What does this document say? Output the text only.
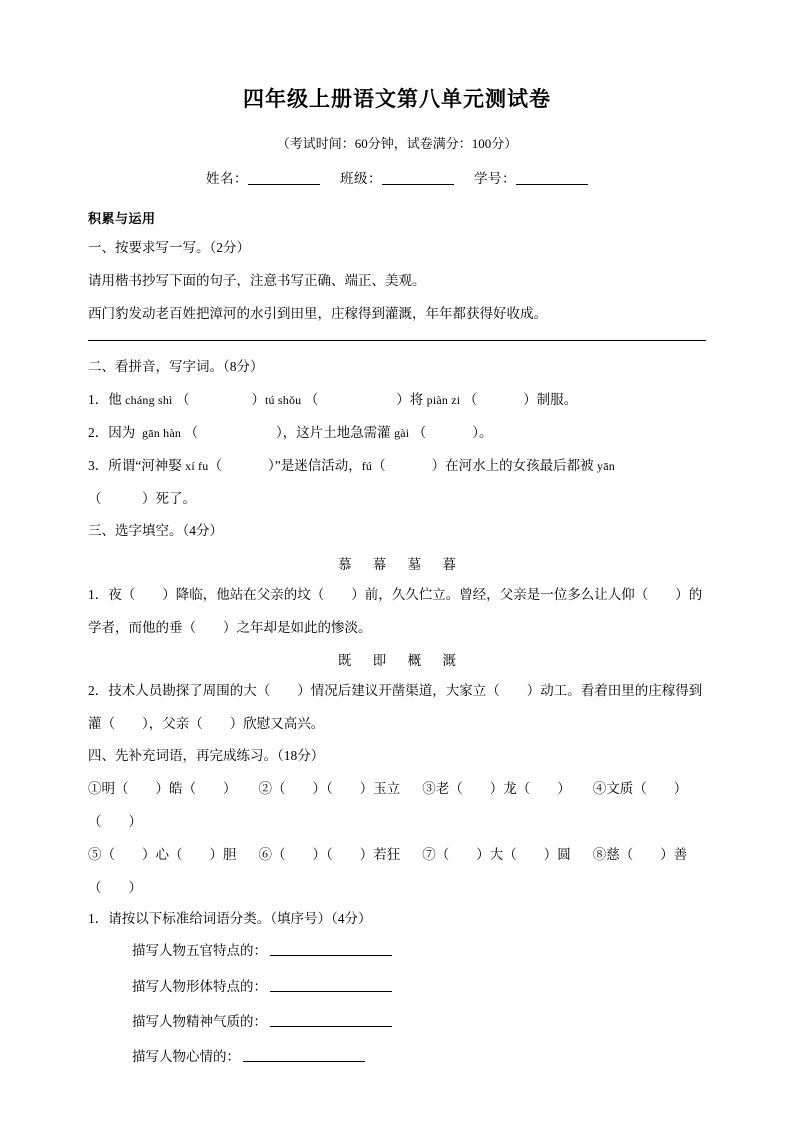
四年级上册语文第八单元测试卷
（考试时间：60分钟，试卷满分：100分）
姓名：	班级：	学号：
积累与运用
一、按要求写一写。（2分）
请用楷书抄写下面的句子，注意书写正确、端正、美观。
西门豹发动老百姓把漳河的水引到田里，庄稼得到灌溉，年年都获得好收成。
二、看拼音，写字词。（8分）
1．他 cháng shì （	）tú shǒu （	）将 piàn zi （	）制服。
2．因为 gān hàn （	），这片土地急需灌 gài （	）。
3．所谓“河神娶 xí fu（	）”是迷信活动，fú（	）在河水上的女孩最后都被 yān
（　　　）死了。
三、选字填空。（4分）
慕 幕 墓 暮
1．夜（　　）降临，他站在父亲的坟（　　）前，久久伫立。曾经，父亲是一位多么让人仰（　　）的
学者，而他的垂（　　）之年却是如此的惨淡。
既 即 概 溉
2．技术人员勘探了周围的大（　　）情况后建议开凿渠道，大家立（　　）动工。看着田里的庄稼得到
灌（　　），父亲（　　）欣慰又高兴。
四、先补充词语，再完成练习。（18分）
①明（　　）皓（　　） ②（　　）（　　）玉立 ③老（　　）龙（　　） ④文质（　　）
（　　）
⑤（　　）心（　　）胆 ⑥（　　）（　　）若狂 ⑦（　　）大（　　）圆 ⑧慈（　　）善
（　　）
1．请按以下标准给词语分类。（填序号）（4分）
描写人物五官特点的：
描写人物形体特点的：
描写人物精神气质的：
描写人物心情的：
